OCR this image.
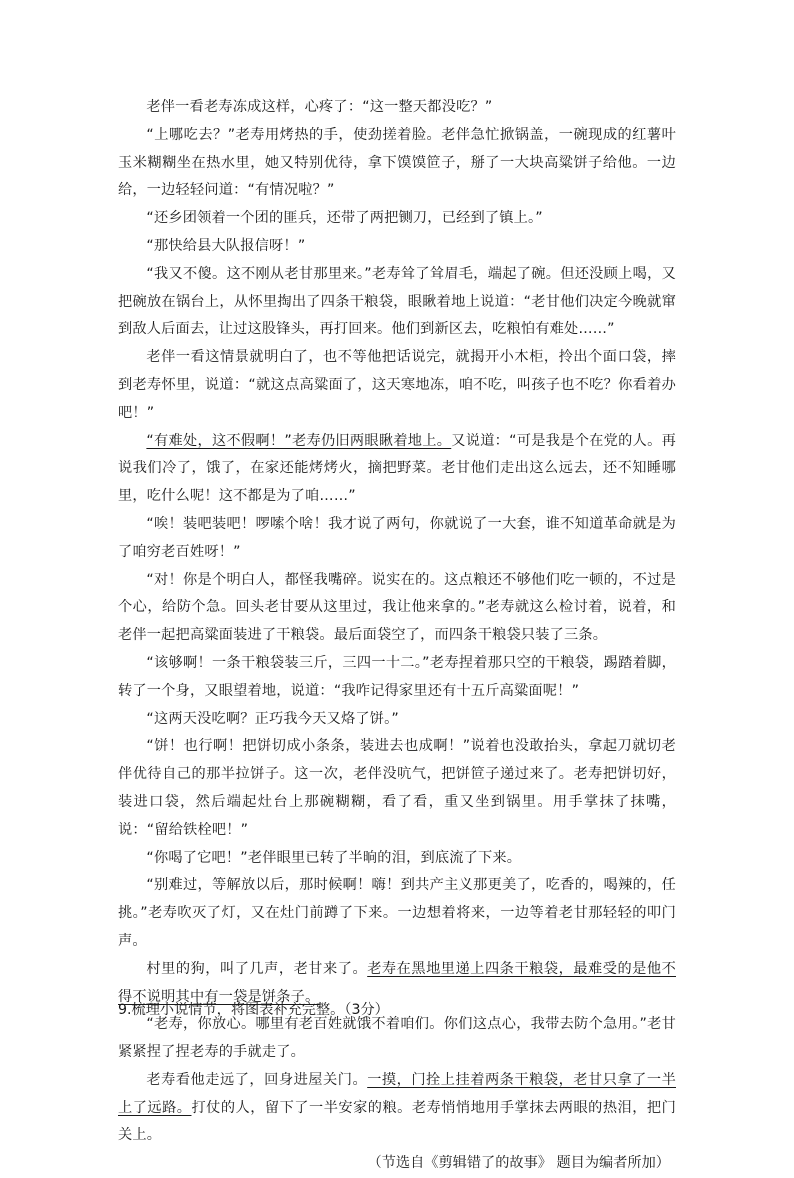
老伴一看老寿冻成这样，心疼了：“这一整天都没吃？”

“上哪吃去？”老寿用烤热的手，使劲搓着脸。老伴急忙掀锅盖，一碗现成的红薯叶玉米糊糊坐在热水里，她又特别优待，拿下馍馍笸子，掰了一大块高粱饼子给他。一边给，一边轻轻问道：“有情况啦？”

“还乡团领着一个团的匪兵，还带了两把铡刀，已经到了镇上。”

“那快给县大队报信呀！”

“我又不傻。这不刚从老甘那里来。”老寿耸了耸眉毛，端起了碗。但还没顾上喝，又把碗放在锅台上，从怀里掏出了四条干粮袋，眼瞅着地上说道：“老甘他们决定今晚就窜到敌人后面去，让过这股锋头，再打回来。他们到新区去，吃粮怕有难处……”

老伴一看这情景就明白了，也不等他把话说完，就揭开小木柜，拎出个面口袋，摔到老寿怀里，说道：“就这点高粱面了，这天寒地冻，咱不吃，叫孩子也不吃？你看着办吧！”

“有难处，这不假啊！”老寿仍旧两眼瞅着地上。又说道：“可是我是个在党的人。再说我们冷了，饿了，在家还能烤烤火，摘把野菜。老甘他们走出这么远去，还不知睡哪里，吃什么呢！这不都是为了咱……”

“唉！装吧装吧！啰嗦个啥！我才说了两句，你就说了一大套，谁不知道革命就是为了咱穷老百姓呀！”

“对！你是个明白人，都怪我嘴碎。说实在的。这点粮还不够他们吃一顿的，不过是个心，给防个急。回头老甘要从这里过，我让他来拿的。”老寿就这么检讨着，说着，和老伴一起把高粱面装进了干粮袋。最后面袋空了，而四条干粮袋只装了三条。

“该够啊！一条干粮袋装三斤，三四一十二。”老寿捏着那只空的干粮袋，踢踏着脚，转了一个身，又眼望着地，说道：“我咋记得家里还有十五斤高粱面呢！”

“这两天没吃啊？正巧我今天又烙了饼。”

“饼！也行啊！把饼切成小条条，装进去也成啊！”说着也没敢抬头，拿起刀就切老伴优待自己的那半拉饼子。这一次，老伴没吭气，把饼笸子递过来了。老寿把饼切好，装进口袋，然后端起灶台上那碗糊糊，看了看，重又坐到锅里。用手掌抹了抹嘴，说：“留给铁栓吧！”

“你喝了它吧！”老伴眼里已转了半晌的泪，到底流了下来。

“别难过，等解放以后，那时候啊！嗨！到共产主义那更美了，吃香的，喝辣的，任挑。”老寿吹灭了灯，又在灶门前蹲了下来。一边想着将来，一边等着老甘那轻轻的叩门声。

村里的狗，叫了几声，老甘来了。老寿在黑地里递上四条干粮袋，最难受的是他不得不说明其中有一袋是饼条子。

“老寿，你放心。哪里有老百姓就饿不着咱们。你们这点心，我带去防个急用。”老甘紧紧捏了捏老寿的手就走了。

老寿看他走远了，回身进屋关门。一摸，门拴上挂着两条干粮袋，老甘只拿了一半上了远路。打仗的人，留下了一半安家的粮。老寿悄悄地用手掌抹去两眼的热泪，把门关上。

（节选自《剪辑错了的故事》 题目为编者所加）

9.梳理小说情节，将图表补充完整。（3分）
